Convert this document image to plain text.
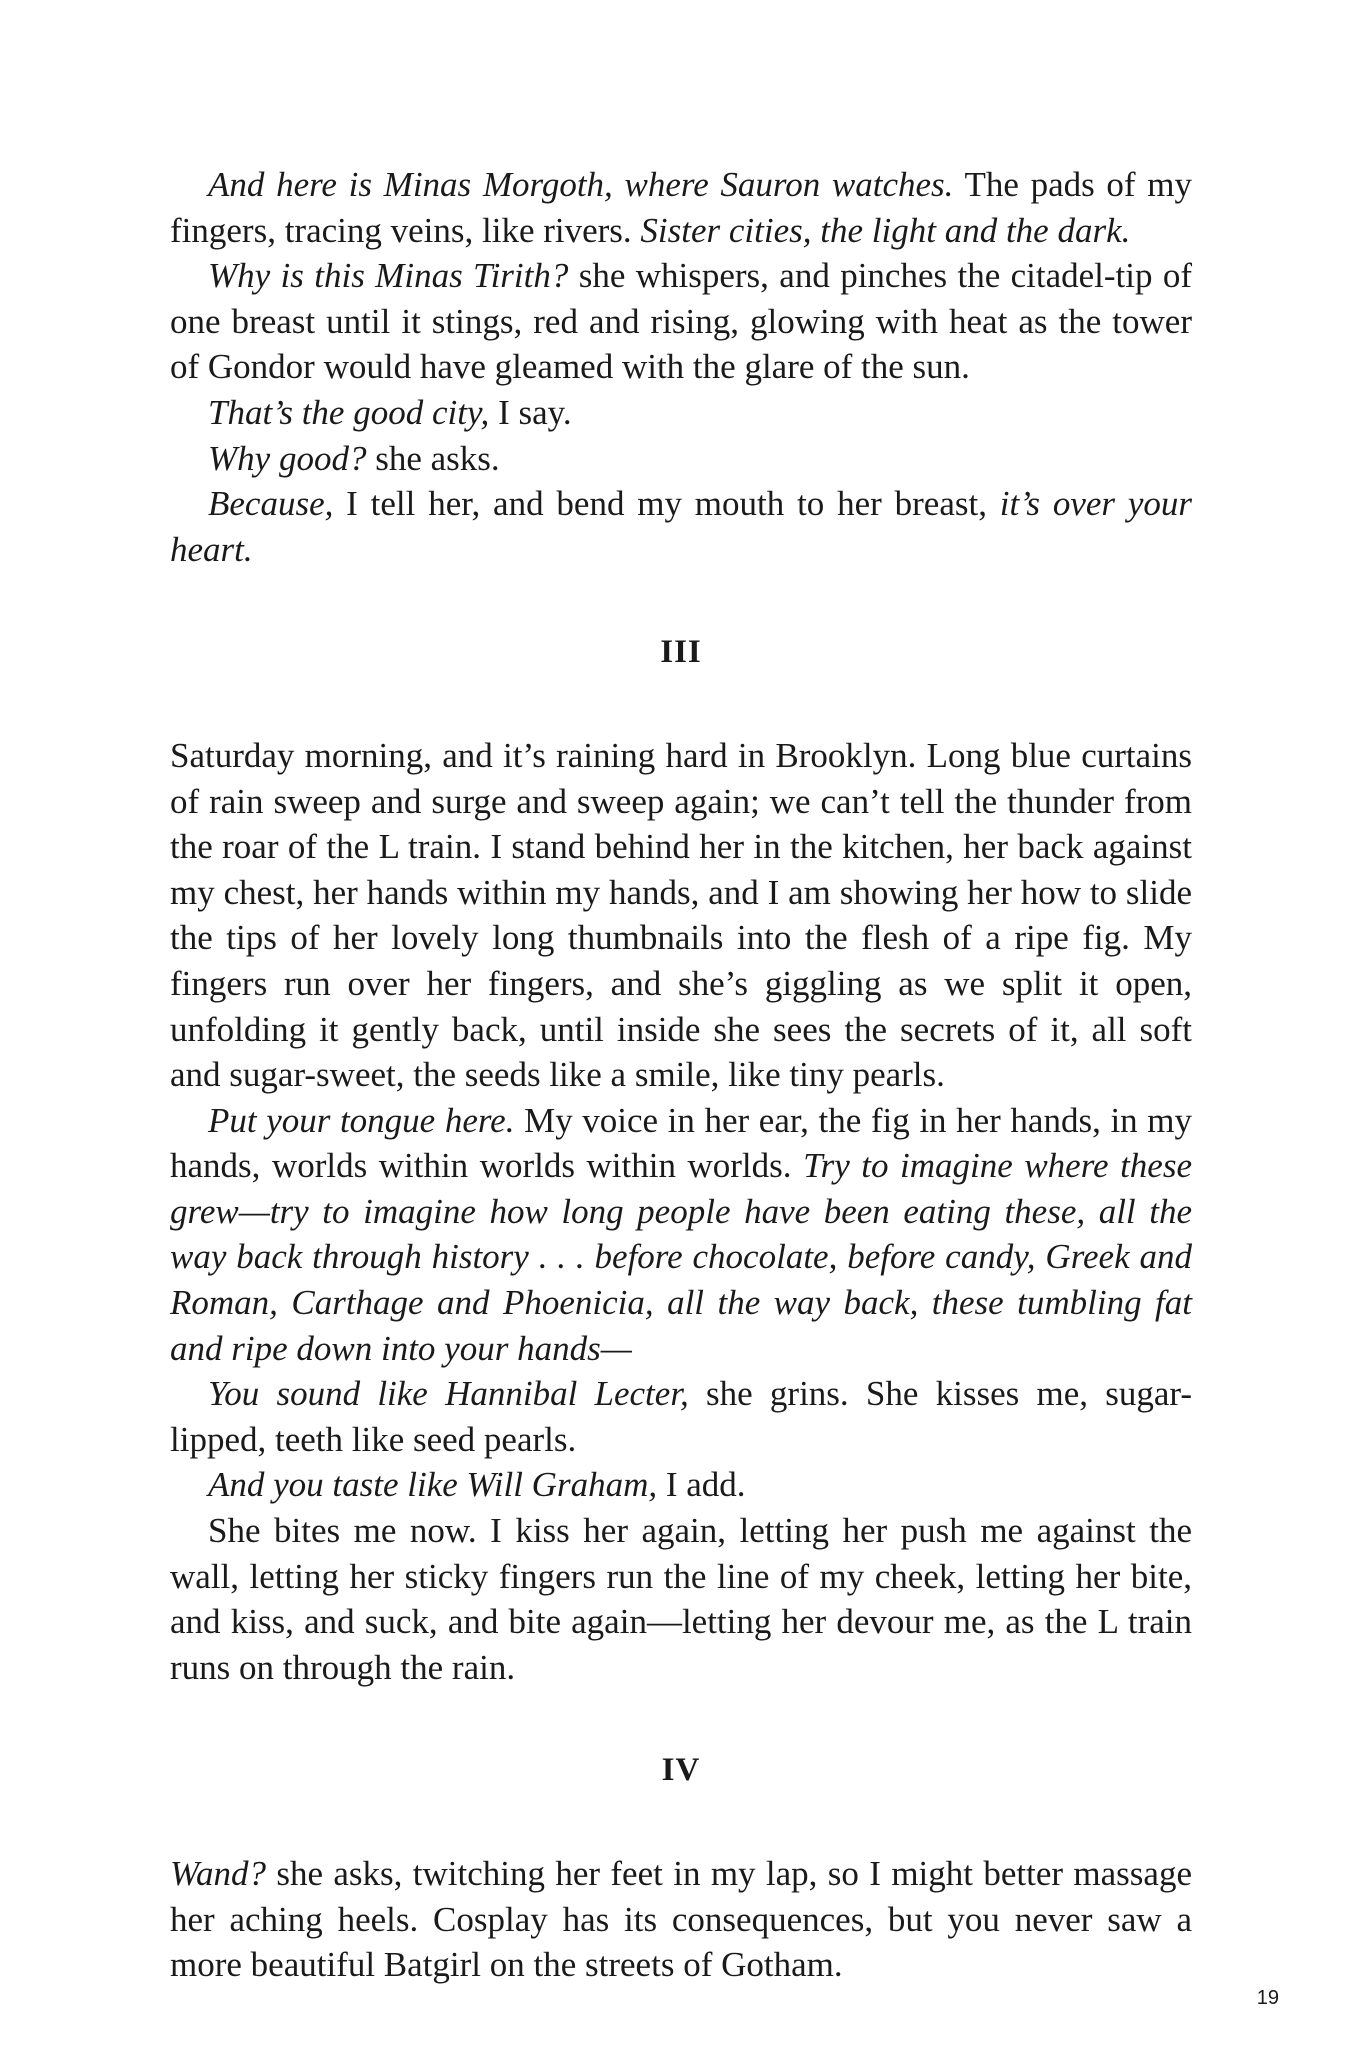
And here is Minas Morgoth, where Sauron watches. The pads of my fingers, tracing veins, like rivers. Sister cities, the light and the dark.

Why is this Minas Tirith? she whispers, and pinches the citadel-tip of one breast until it stings, red and rising, glowing with heat as the tower of Gondor would have gleamed with the glare of the sun.

That’s the good city, I say.

Why good? she asks.

Because, I tell her, and bend my mouth to her breast, it’s over your heart.

III

Saturday morning, and it’s raining hard in Brooklyn. Long blue curtains of rain sweep and surge and sweep again; we can’t tell the thunder from the roar of the L train. I stand behind her in the kitchen, her back against my chest, her hands within my hands, and I am showing her how to slide the tips of her lovely long thumbnails into the flesh of a ripe fig. My fingers run over her fingers, and she’s giggling as we split it open, unfolding it gently back, until inside she sees the secrets of it, all soft and sugar-sweet, the seeds like a smile, like tiny pearls.

Put your tongue here. My voice in her ear, the fig in her hands, in my hands, worlds within worlds within worlds. Try to imagine where these grew—try to imagine how long people have been eating these, all the way back through history . . . before chocolate, before candy, Greek and Roman, Carthage and Phoenicia, all the way back, these tumbling fat and ripe down into your hands—

You sound like Hannibal Lecter, she grins. She kisses me, sugar- lipped, teeth like seed pearls.

And you taste like Will Graham, I add.

She bites me now. I kiss her again, letting her push me against the wall, letting her sticky fingers run the line of my cheek, letting her bite, and kiss, and suck, and bite again—letting her devour me, as the L train runs on through the rain.

IV

Wand? she asks, twitching her feet in my lap, so I might better massage her aching heels. Cosplay has its consequences, but you never saw a more beautiful Batgirl on the streets of Gotham.

19
